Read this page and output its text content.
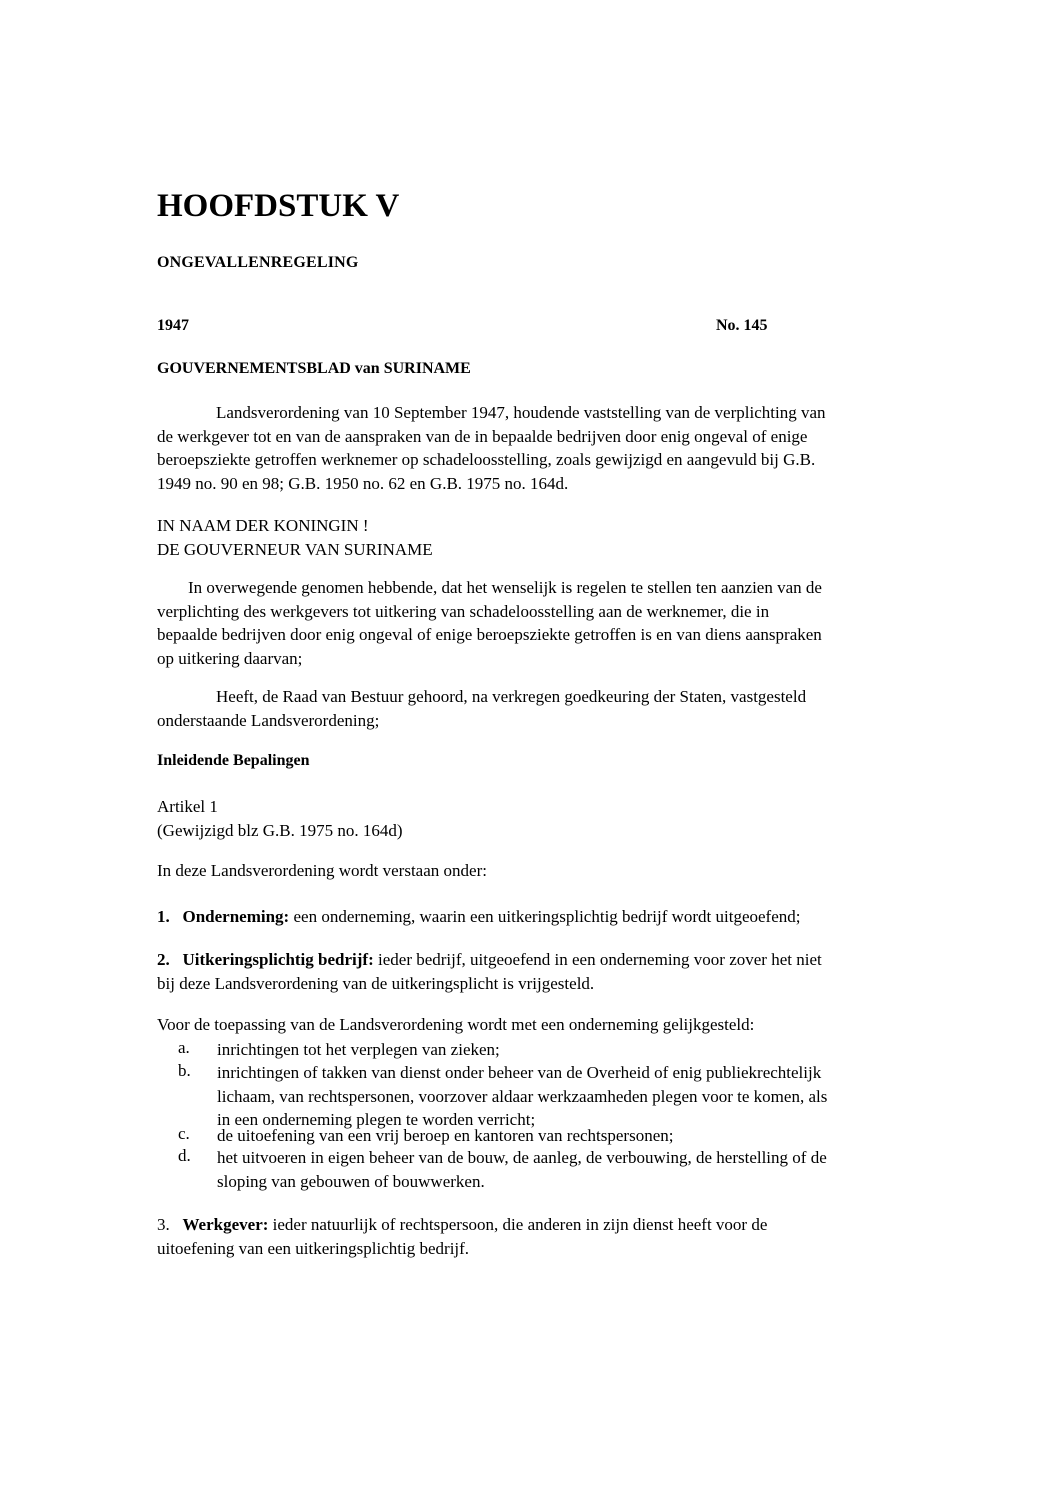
HOOFDSTUK V
ONGEVALLENREGELING
1947	No. 145
GOUVERNEMENTSBLAD van SURINAME
Landsverordening van 10 September 1947, houdende vaststelling van de verplichting van
de werkgever tot en van de aanspraken van de in bepaalde bedrijven door enig ongeval of enige
beroepsziekte getroffen werknemer op schadeloosstelling, zoals gewijzigd en aangevuld bij G.B.
1949 no. 90 en 98; G.B. 1950 no. 62 en G.B. 1975 no. 164d.
IN NAAM DER KONINGIN !
DE GOUVERNEUR VAN SURINAME
In overwegende genomen hebbende, dat het wenselijk is regelen te stellen ten aanzien van de
verplichting des werkgevers tot uitkering van schadeloosstelling aan de werknemer, die in
bepaalde bedrijven door enig ongeval of enige beroepsziekte getroffen is en van diens aanspraken
op uitkering daarvan;
Heeft, de Raad van Bestuur gehoord, na verkregen goedkeuring der Staten, vastgesteld
onderstaande Landsverordening;
Inleidende Bepalingen
Artikel 1
(Gewijzigd blz G.B. 1975 no. 164d)
In deze Landsverordening wordt verstaan onder:
1. Onderneming: een onderneming, waarin een uitkeringsplichtig bedrijf wordt uitgeoefend;
2. Uitkeringsplichtig bedrijf: ieder bedrijf, uitgeoefend in een onderneming voor zover het niet
bij deze Landsverordening van de uitkeringsplicht is vrijgesteld.
Voor de toepassing van de Landsverordening wordt met een onderneming gelijkgesteld:
a. inrichtingen tot het verplegen van zieken;
b. inrichtingen of takken van dienst onder beheer van de Overheid of enig publiekrechtelijk
lichaam, van rechtspersonen, voorzover aldaar werkzaamheden plegen voor te komen, als
in een onderneming plegen te worden verricht;
c. de uitoefening van een vrij beroep en kantoren van rechtspersonen;
d. het uitvoeren in eigen beheer van de bouw, de aanleg, de verbouwing, de herstelling of de
sloping van gebouwen of bouwwerken.
3. Werkgever: ieder natuurlijk of rechtspersoon, die anderen in zijn dienst heeft voor de
uitoefening van een uitkeringsplichtig bedrijf.
